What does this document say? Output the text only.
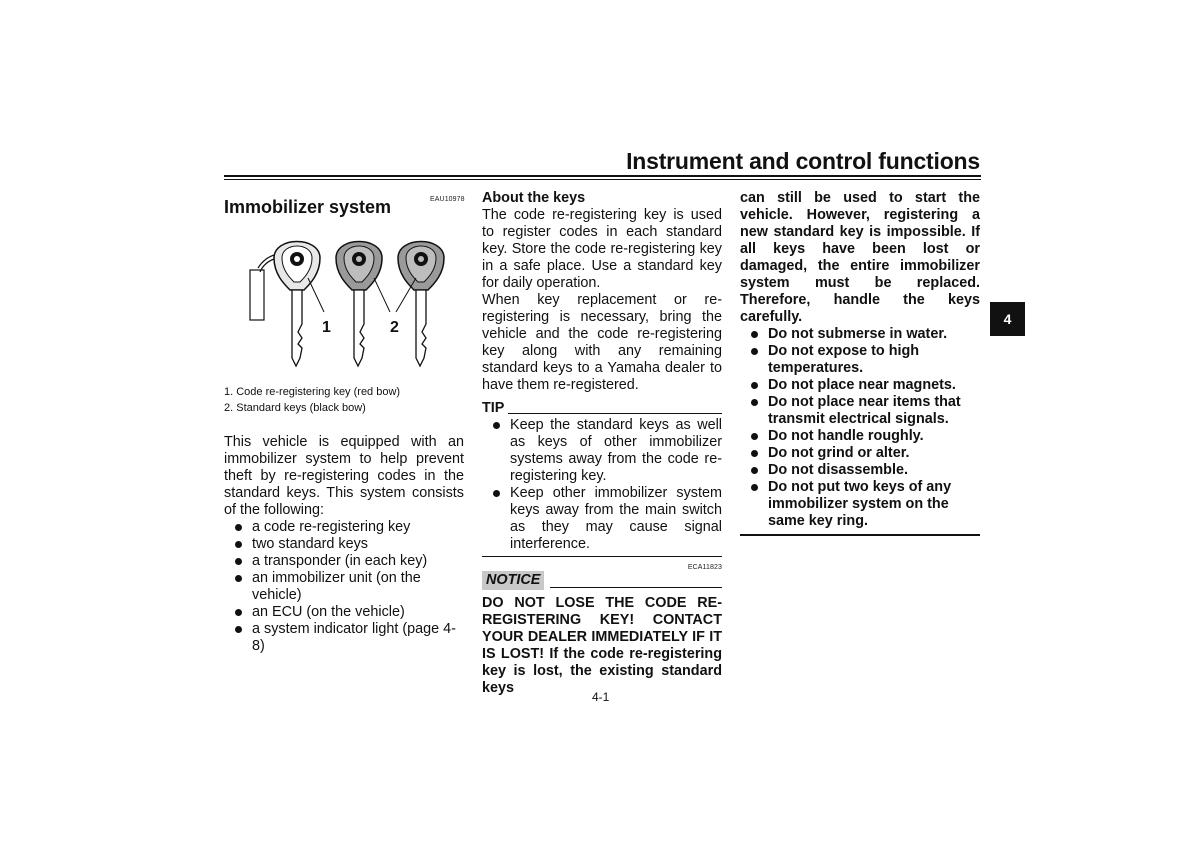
Instrument and control functions
EAU10978
Immobilizer system
1	2
1. Code re-registering key (red bow)
2. Standard keys (black bow)

This vehicle is equipped with an immobilizer system to help prevent theft by re-registering codes in the standard keys. This system consists of the following:

a code re-registering key
two standard keys
a transponder (in each key)
an immobilizer unit (on the vehicle)
an ECU (on the vehicle)
a system indicator light (page 4-8)
About the keys

The code re-registering key is used to register codes in each standard key. Store the code re-registering key in a safe place. Use a standard key for daily operation.

When key replacement or re-registering is necessary, bring the vehicle and the code re-registering key along with any remaining standard keys to a Yamaha dealer to have them re-registered.

TIP
Keep the standard keys as well as keys of other immobilizer systems away from the code re-registering key.
Keep other immobilizer system keys away from the main switch as they may cause signal interference.
ECA11823
NOTICE

DO NOT LOSE THE CODE RE-REGISTERING KEY! CONTACT YOUR DEALER IMMEDIATELY IF IT IS LOST! If the code re-registering key is lost, the existing standard keys

can still be used to start the vehicle. However, registering a new standard key is impossible. If all keys have been lost or damaged, the entire immobilizer system must be replaced. Therefore, handle the keys carefully.

Do not submerse in water.
Do not expose to high temperatures.
Do not place near magnets.
Do not place near items that transmit electrical signals.
Do not handle roughly.
Do not grind or alter.
Do not disassemble.
Do not put two keys of any immobilizer system on the same key ring.
4
4-1
